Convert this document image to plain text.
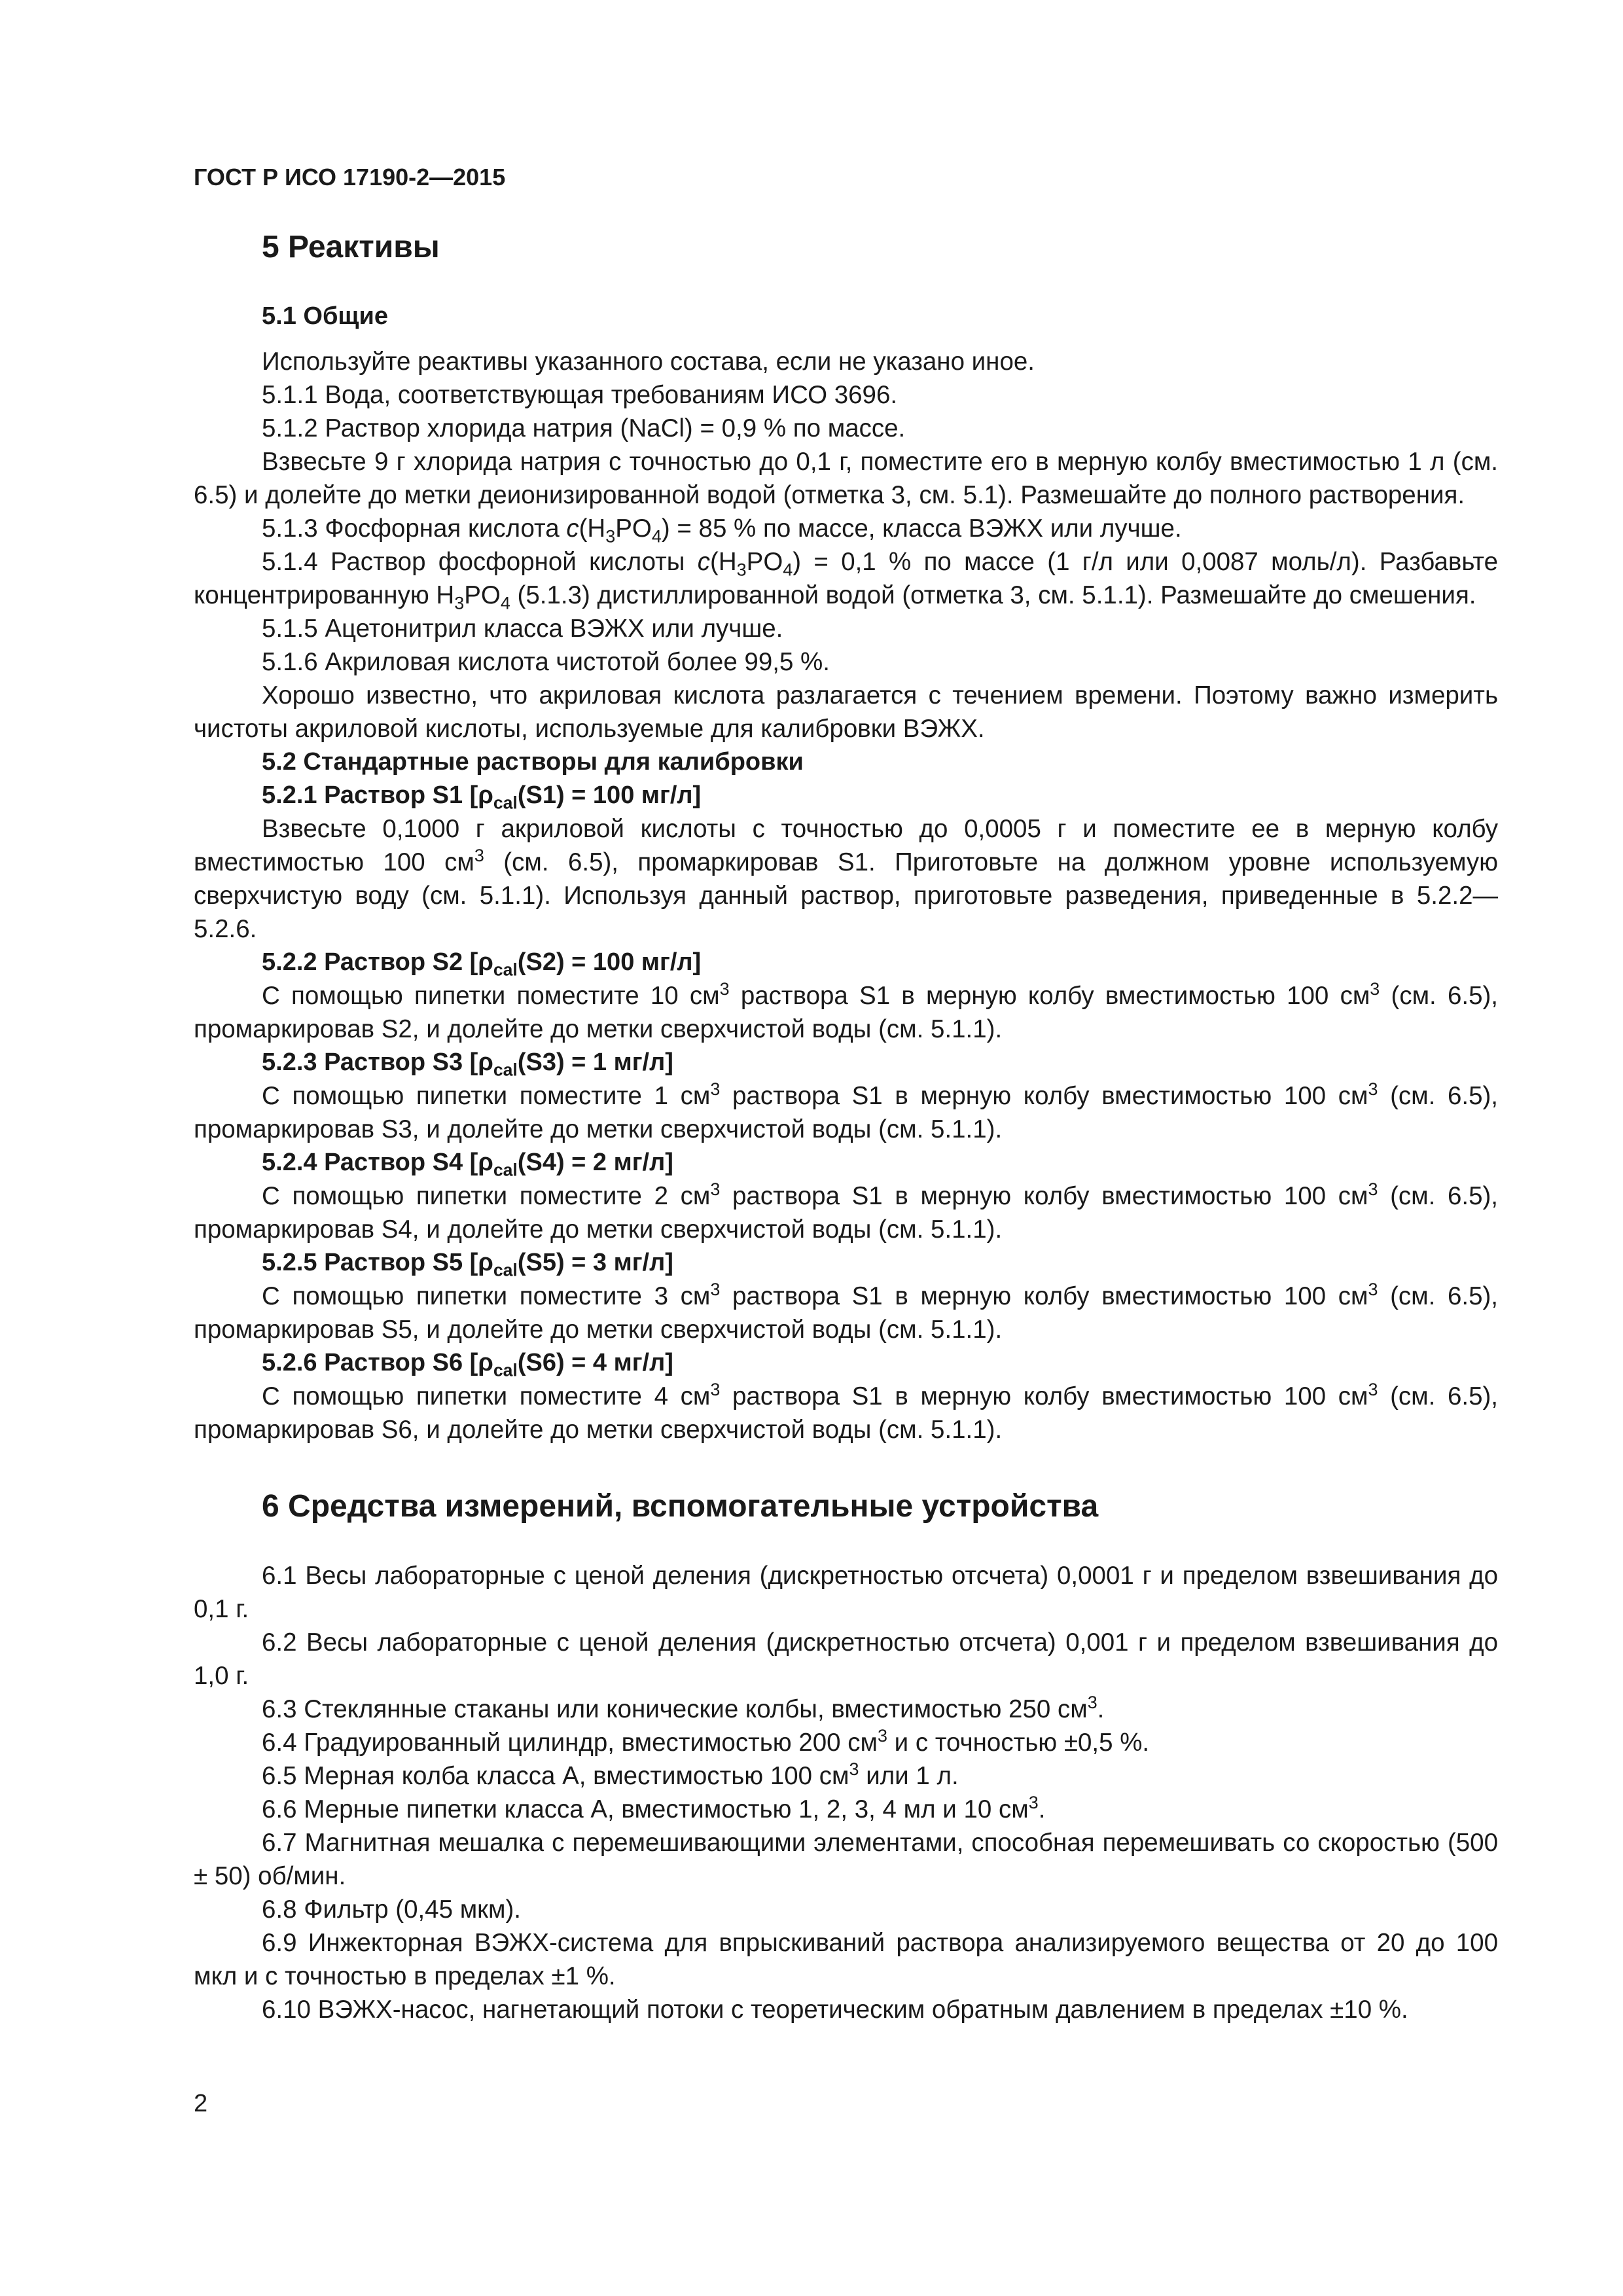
ГОСТ Р ИСО 17190-2—2015

5 Реактивы
5.1 Общие

Используйте реактивы указанного состава, если не указано иное.

5.1.1 Вода, соответствующая требованиям ИСО 3696.

5.1.2 Раствор хлорида натрия (NaCl) = 0,9 % по массе.

Взвесьте 9 г хлорида натрия с точностью до 0,1 г, поместите его в мерную колбу вместимостью 1 л (см. 6.5) и долейте до метки деионизированной водой (отметка 3, см. 5.1). Размешайте до полного растворения.

5.1.3 Фосфорная кислота $c(H_3PO_4) = 85$ % по массе, класса ВЭЖХ или лучше.

5.1.4 Раствор фосфорной кислоты $c(H_3PO_4) = 0,1$ % по массе (1 г/л или 0,0087 моль/л). Разбавьте концентрированную $H_3PO_4$ (5.1.3) дистиллированной водой (отметка 3, см. 5.1.1). Размешайте до смешения.

5.1.5 Ацетонитрил класса ВЭЖХ или лучше.

5.1.6 Акриловая кислота чистотой более 99,5 %.

Хорошо известно, что акриловая кислота разлагается с течением времени. Поэтому важно измерить чистоты акриловой кислоты, используемые для калибровки ВЭЖХ.

5.2 Стандартные растворы для калибровки

5.2.1 Раствор S1 [$\rho_{cal}(S1) = 100$ мг/л]

Взвесьте 0,1000 г акриловой кислоты с точностью до 0,0005 г и поместите ее в мерную колбу вместимостью 100 $см^3$ (см. 6.5), промаркировав S1. Приготовьте на должном уровне используемую сверхчистую воду (см. 5.1.1). Используя данный раствор, приготовьте разведения, приведенные в 5.2.2—5.2.6.

5.2.2 Раствор S2 [$\rho_{cal}(S2) = 100$ мг/л]

С помощью пипетки поместите 10 $см^3$ раствора S1 в мерную колбу вместимостью 100 $см^3$ (см. 6.5), промаркировав S2, и долейте до метки сверхчистой воды (см. 5.1.1).

5.2.3 Раствор S3 [$\rho_{cal}(S3) = 1$ мг/л]

С помощью пипетки поместите 1 $см^3$ раствора S1 в мерную колбу вместимостью 100 $см^3$ (см. 6.5), промаркировав S3, и долейте до метки сверхчистой воды (см. 5.1.1).

5.2.4 Раствор S4 [$\rho_{cal}(S4) = 2$ мг/л]

С помощью пипетки поместите 2 $см^3$ раствора S1 в мерную колбу вместимостью 100 $см^3$ (см. 6.5), промаркировав S4, и долейте до метки сверхчистой воды (см. 5.1.1).

5.2.5 Раствор S5 [$\rho_{cal}(S5) = 3$ мг/л]

С помощью пипетки поместите 3 $см^3$ раствора S1 в мерную колбу вместимостью 100 $см^3$ (см. 6.5), промаркировав S5, и долейте до метки сверхчистой воды (см. 5.1.1).

5.2.6 Раствор S6 [$\rho_{cal}(S6) = 4$ мг/л]

С помощью пипетки поместите 4 $см^3$ раствора S1 в мерную колбу вместимостью 100 $см^3$ (см. 6.5), промаркировав S6, и долейте до метки сверхчистой воды (см. 5.1.1).

6 Средства измерений, вспомогательные устройства

6.1 Весы лабораторные с ценой деления (дискретностью отсчета) 0,0001 г и пределом взвешивания до 0,1 г.

6.2 Весы лабораторные с ценой деления (дискретностью отсчета) 0,001 г и пределом взвешивания до 1,0 г.

6.3 Стеклянные стаканы или конические колбы, вместимостью 250 $см^3$.

6.4 Градуированный цилиндр, вместимостью 200 $см^3$ и с точностью ±0,5 %.

6.5 Мерная колба класса А, вместимостью 100 $см^3$ или 1 л.

6.6 Мерные пипетки класса А, вместимостью 1, 2, 3, 4 мл и 10 $см^3$.

6.7 Магнитная мешалка с перемешивающими элементами, способная перемешивать со скоростью (500 ± 50) об/мин.

6.8 Фильтр (0,45 мкм).

6.9 Инжекторная ВЭЖХ-система для впрыскиваний раствора анализируемого вещества от 20 до 100 мкл и с точностью в пределах ±1 %.

6.10 ВЭЖХ-насос, нагнетающий потоки с теоретическим обратным давлением в пределах ±10 %.

2
